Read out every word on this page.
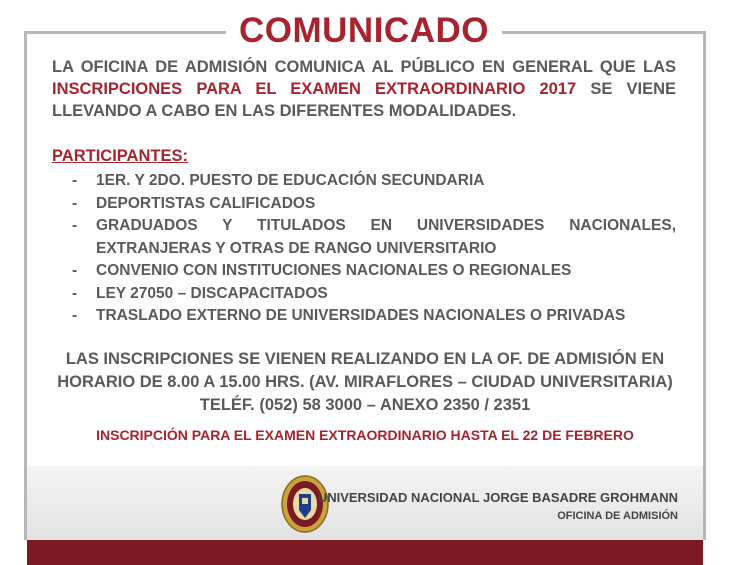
COMUNICADO
LA OFICINA DE ADMISIÓN COMUNICA AL PÚBLICO EN GENERAL QUE LAS INSCRIPCIONES PARA EL EXAMEN EXTRAORDINARIO 2017 SE VIENE LLEVANDO A CABO EN LAS DIFERENTES MODALIDADES.
PARTICIPANTES:
- 1ER. Y 2DO. PUESTO DE EDUCACIÓN SECUNDARIA
- DEPORTISTAS CALIFICADOS
- GRADUADOS Y TITULADOS EN UNIVERSIDADES NACIONALES, EXTRANJERAS Y OTRAS DE RANGO UNIVERSITARIO
- CONVENIO CON INSTITUCIONES NACIONALES O REGIONALES
- LEY 27050 – DISCAPACITADOS
- TRASLADO EXTERNO DE UNIVERSIDADES NACIONALES O PRIVADAS
LAS INSCRIPCIONES SE VIENEN REALIZANDO EN LA OF. DE ADMISIÓN EN
HORARIO DE 8.00 A 15.00 HRS. (AV. MIRAFLORES – CIUDAD UNIVERSITARIA)
TELÉF. (052) 58 3000 – ANEXO 2350 / 2351
INSCRIPCIÓN PARA EL EXAMEN EXTRAORDINARIO HASTA EL 22 DE FEBRERO
UNIVERSIDAD NACIONAL JORGE BASADRE GROHMANN
OFICINA DE ADMISIÓN
